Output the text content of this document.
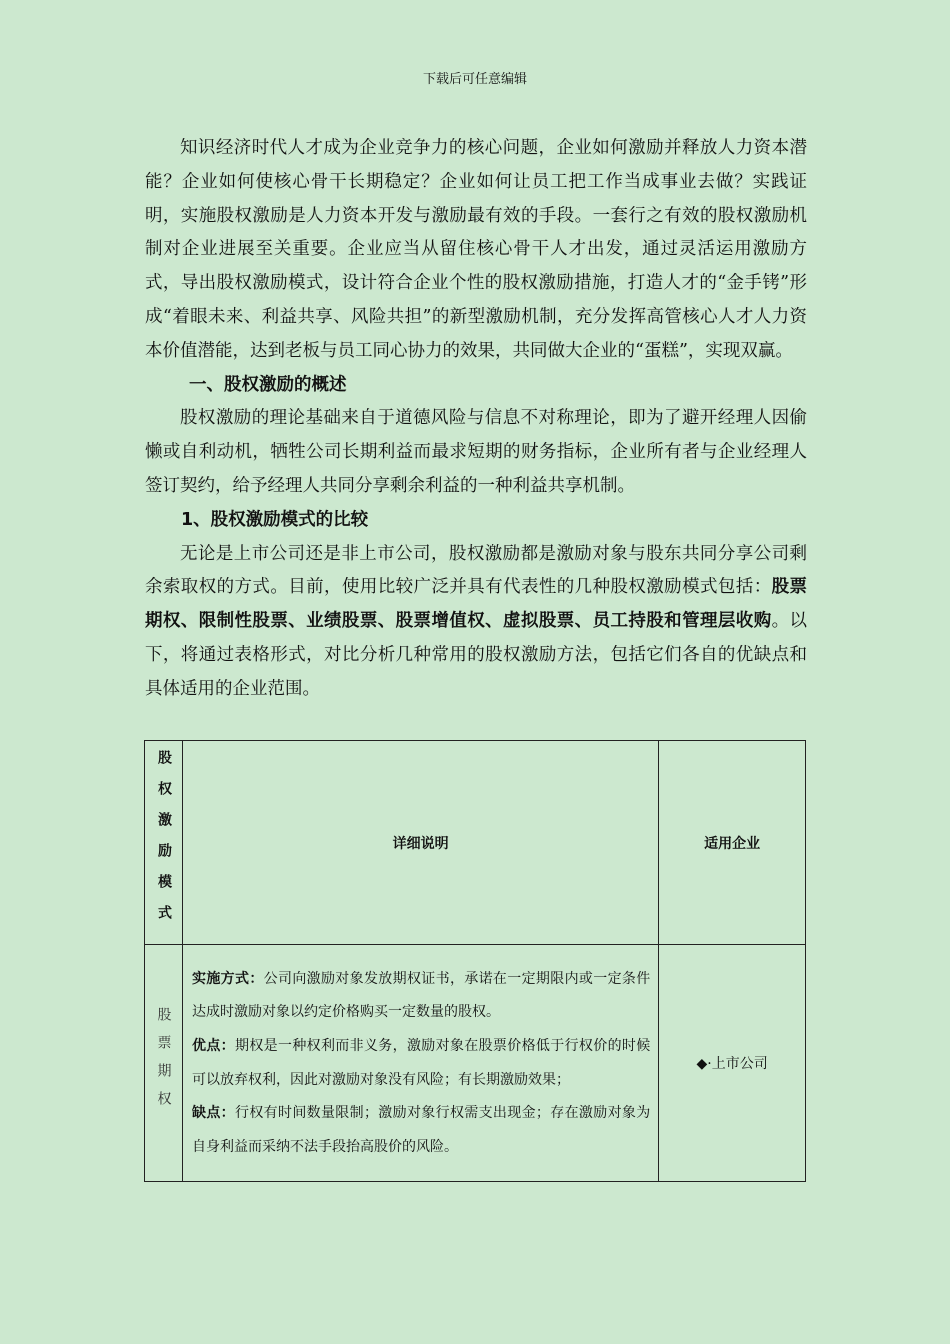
下载后可任意编辑

知识经济时代人才成为企业竞争力的核心问题，企业如何激励并释放人力资本潜能？企业如何使核心骨干长期稳定？企业如何让员工把工作当成事业去做？实践证明，实施股权激励是人力资本开发与激励最有效的手段。一套行之有效的股权激励机制对企业进展至关重要。企业应当从留住核心骨干人才出发，通过灵活运用激励方式，导出股权激励模式，设计符合企业个性的股权激励措施，打造人才的“金手铐”形成“着眼未来、利益共享、风险共担”的新型激励机制，充分发挥高管核心人才人力资本价值潜能，达到老板与员工同心协力的效果，共同做大企业的“蛋糕”，实现双赢。

一、股权激励的概述

股权激励的理论基础来自于道德风险与信息不对称理论，即为了避开经理人因偷懒或自利动机，牺牲公司长期利益而最求短期的财务指标，企业所有者与企业经理人签订契约，给予经理人共同分享剩余利益的一种利益共享机制。

1、股权激励模式的比较

无论是上市公司还是非上市公司，股权激励都是激励对象与股东共同分享公司剩余索取权的方式。目前，使用比较广泛并具有代表性的几种股权激励模式包括：股票期权、限制性股票、业绩股票、股票增值权、虚拟股票、员工持股和管理层收购。以下，将通过表格形式，对比分析几种常用的股权激励方法，包括它们各自的优缺点和具体适用的企业范围。

股权激励模式	详细说明	适用企业

股票期权	实施方式：公司向激励对象发放期权证书，承诺在一定期限内或一定条件达成时激励对象以约定价格购买一定数量的股权。
优点：期权是一种权利而非义务，激励对象在股票价格低于行权价的时候可以放弃权利，因此对激励对象没有风险；有长期激励效果；
缺点：行权有时间数量限制；激励对象行权需支出现金；存在激励对象为自身利益而采纳不法手段抬高股价的风险。	◆·上市公司
